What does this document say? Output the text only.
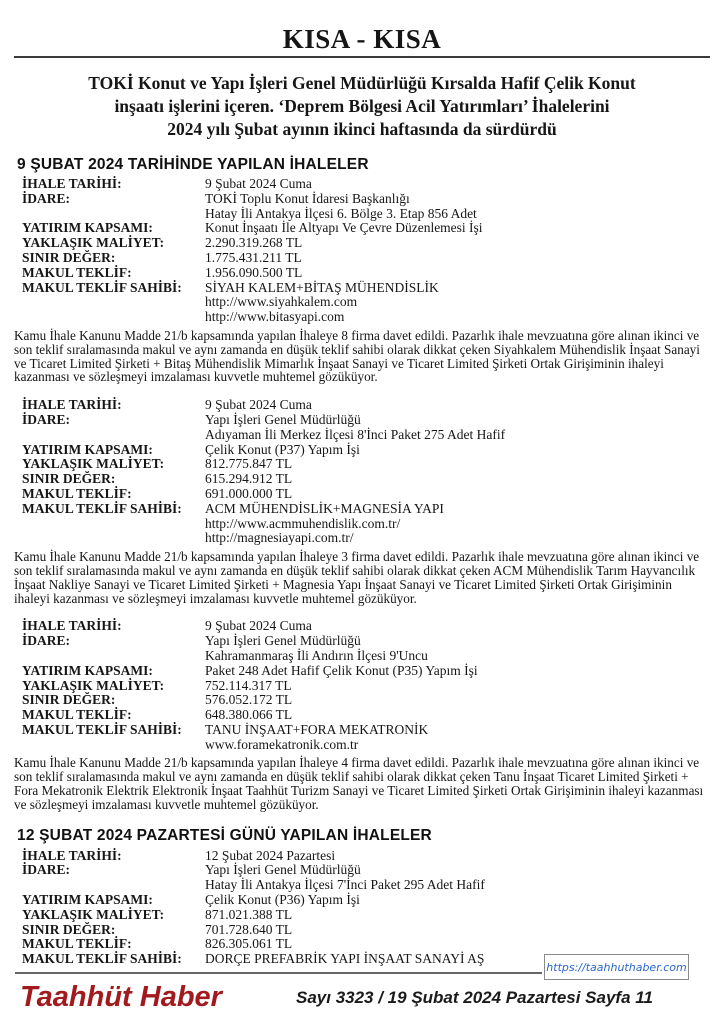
KISA - KISA
TOKİ Konut ve Yapı İşleri Genel Müdürlüğü Kırsalda Hafif Çelik Konut
inşaatı işlerini içeren. ‘Deprem Bölgesi Acil Yatırımları’ İhalelerini
2024 yılı Şubat ayının ikinci haftasında da sürdürdü
9 ŞUBAT 2024 TARİHİNDE YAPILAN İHALELER
İHALE TARİHİ:	9 Şubat 2024 Cuma
İDARE:	TOKİ Toplu Konut İdaresi Başkanlığı
Hatay İli Antakya İlçesi 6. Bölge 3. Etap 856 Adet
YATIRIM KAPSAMI:	Konut İnşaatı İle Altyapı Ve Çevre Düzenlemesi İşi
YAKLAŞIK MALİYET:	2.290.319.268 TL
SINIR DEĞER:	1.775.431.211 TL
MAKUL TEKLİF:	1.956.090.500 TL
MAKUL TEKLİF SAHİBİ:	SİYAH KALEM+BİTAŞ MÜHENDİSLİK
http://www.siyahkalem.com
http://www.bitasyapi.com

Kamu İhale Kanunu Madde 21/b kapsamında yapılan İhaleye 8 firma davet edildi. Pazarlık ihale mevzuatına göre alınan ikinci ve son teklif sıralamasında makul ve aynı zamanda en düşük teklif sahibi olarak dikkat çeken Siyahkalem Mühendislik İnşaat Sanayi ve Ticaret Limited Şirketi + Bitaş Mühendislik Mimarlık İnşaat Sanayi ve Ticaret Limited Şirketi Ortak Girişiminin ihaleyi kazanması ve sözleşmeyi imzalaması kuvvetle muhtemel gözüküyor.

İHALE TARİHİ:	9 Şubat 2024 Cuma
İDARE:	Yapı İşleri Genel Müdürlüğü
Adıyaman İli Merkez İlçesi 8'İnci Paket 275 Adet Hafif
YATIRIM KAPSAMI:	Çelik Konut (P37) Yapım İşi
YAKLAŞIK MALİYET:	812.775.847 TL
SINIR DEĞER:	615.294.912 TL
MAKUL TEKLİF:	691.000.000 TL
MAKUL TEKLİF SAHİBİ:	ACM MÜHENDİSLİK+MAGNESİA YAPI
http://www.acmmuhendislik.com.tr/
http://magnesiayapi.com.tr/

Kamu İhale Kanunu Madde 21/b kapsamında yapılan İhaleye 3 firma davet edildi. Pazarlık ihale mevzuatına göre alınan ikinci ve son teklif sıralamasında makul ve aynı zamanda en düşük teklif sahibi olarak dikkat çeken ACM Mühendislik Tarım Hayvancılık İnşaat Nakliye Sanayi ve Ticaret Limited Şirketi + Magnesia Yapı İnşaat Sanayi ve Ticaret Limited Şirketi Ortak Girişiminin ihaleyi kazanması ve sözleşmeyi imzalaması kuvvetle muhtemel gözüküyor.

İHALE TARİHİ:	9 Şubat 2024 Cuma
İDARE:	Yapı İşleri Genel Müdürlüğü
Kahramanmaraş İli Andırın İlçesi 9'Uncu
YATIRIM KAPSAMI:	Paket 248 Adet Hafif Çelik Konut (P35) Yapım İşi
YAKLAŞIK MALİYET:	752.114.317 TL
SINIR DEĞER:	576.052.172 TL
MAKUL TEKLİF:	648.380.066 TL
MAKUL TEKLİF SAHİBİ:	TANU İNŞAAT+FORA MEKATRONİK
www.foramekatronik.com.tr

Kamu İhale Kanunu Madde 21/b kapsamında yapılan İhaleye 4 firma davet edildi. Pazarlık ihale mevzuatına göre alınan ikinci ve son teklif sıralamasında makul ve aynı zamanda en düşük teklif sahibi olarak dikkat çeken Tanu İnşaat Ticaret Limited Şirketi + Fora Mekatronik Elektrik Elektronik İnşaat Taahhüt Turizm Sanayi ve Ticaret Limited Şirketi Ortak Girişiminin ihaleyi kazanması ve sözleşmeyi imzalaması kuvvetle muhtemel gözüküyor.

12 ŞUBAT 2024 PAZARTESİ GÜNÜ YAPILAN İHALELER
İHALE TARİHİ:	12 Şubat 2024 Pazartesi
İDARE:	Yapı İşleri Genel Müdürlüğü
Hatay İli Antakya İlçesi 7'İnci Paket 295 Adet Hafif
YATIRIM KAPSAMI:	Çelik Konut (P36) Yapım İşi
YAKLAŞIK MALİYET:	871.021.388 TL
SINIR DEĞER:	701.728.640 TL
MAKUL TEKLİF:	826.305.061 TL
MAKUL TEKLİF SAHİBİ:	DORÇE PREFABRİK YAPI İNŞAAT SANAYİ AŞ
https://taahhuthaber.com
Taahhüt Haber	Sayı 3323 / 19 Şubat 2024 Pazartesi Sayfa 11
